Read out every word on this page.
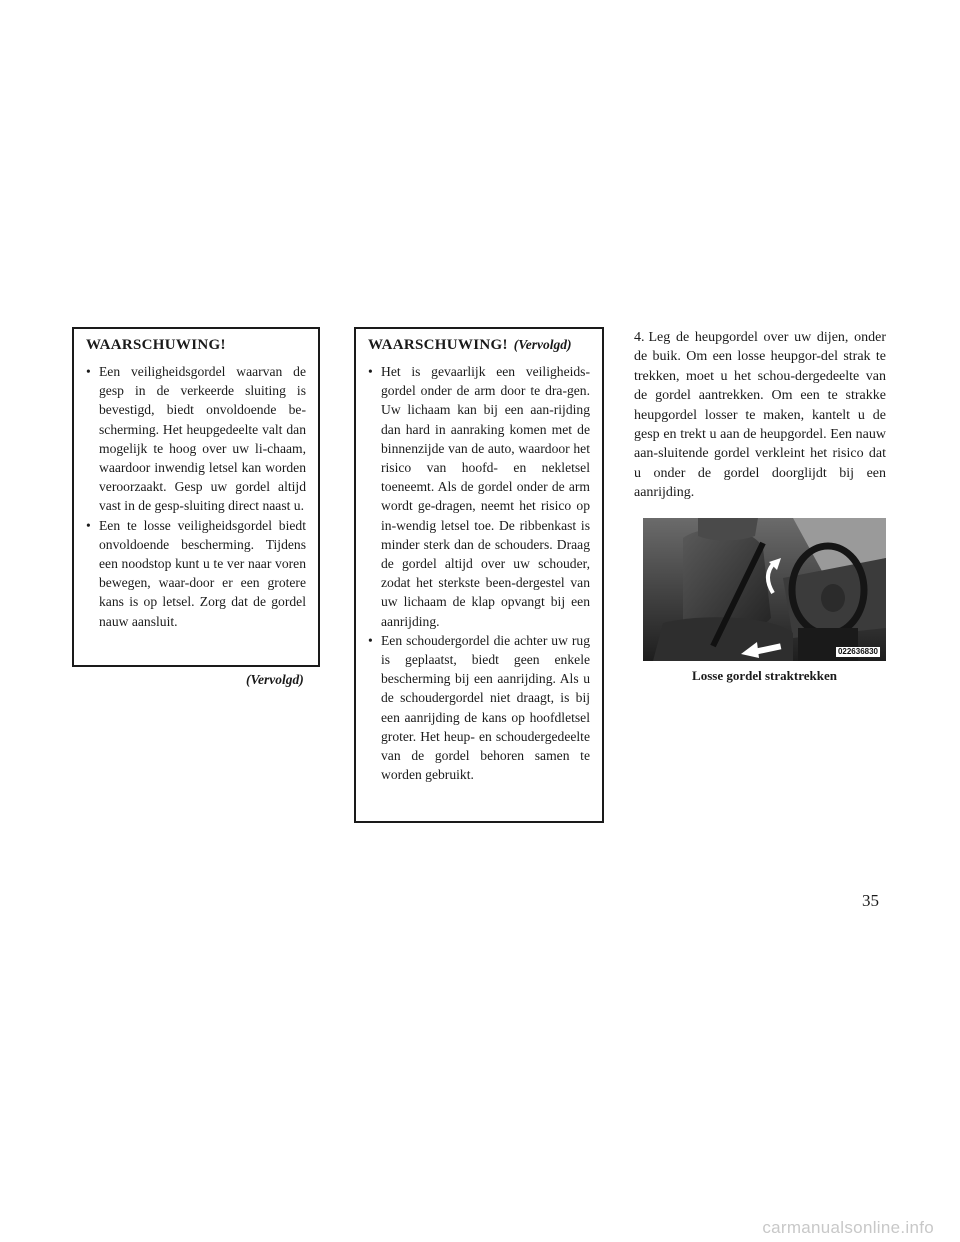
WAARSCHUWING!
• Een veiligheidsgordel waarvan de gesp in de verkeerde sluiting is bevestigd, biedt onvoldoende be-scherming. Het heupgedeelte valt dan mogelijk te hoog over uw li-chaam, waardoor inwendig letsel kan worden veroorzaakt. Gesp uw gordel altijd vast in de gesp-sluiting direct naast u.
• Een te losse veiligheidsgordel biedt onvoldoende bescherming. Tijdens een noodstop kunt u te ver naar voren bewegen, waar-door er een grotere kans is op letsel. Zorg dat de gordel nauw aansluit.
(Vervolgd)
WAARSCHUWING! (Vervolgd)
• Het is gevaarlijk een veiligheids-gordel onder de arm door te dra-gen. Uw lichaam kan bij een aan-rijding dan hard in aanraking komen met de binnenzijde van de auto, waardoor het risico van hoofd- en nekletsel toeneemt. Als de gordel onder de arm wordt ge-dragen, neemt het risico op in-wendig letsel toe. De ribbenkast is minder sterk dan de schouders. Draag de gordel altijd over uw schouder, zodat het sterkste been-dergestel van uw lichaam de klap opvangt bij een aanrijding.
• Een schoudergordel die achter uw rug is geplaatst, biedt geen enkele bescherming bij een aanrijding. Als u de schoudergordel niet draagt, is bij een aanrijding de kans op hoofdletsel groter. Het heup- en schoudergedeelte van de gordel behoren samen te worden gebruikt.

4. Leg de heupgordel over uw dijen, onder de buik. Om een losse heupgor-del strak te trekken, moet u het schou-dergedeelte van de gordel aantrekken. Om een te strakke heupgordel losser te maken, kantelt u de gesp en trekt u aan de heupgordel. Een nauw aan-sluitende gordel verkleint het risico dat u onder de gordel doorglijdt bij een aanrijding.

022636830
Losse gordel straktrekken
35
carmanualsonline.info
